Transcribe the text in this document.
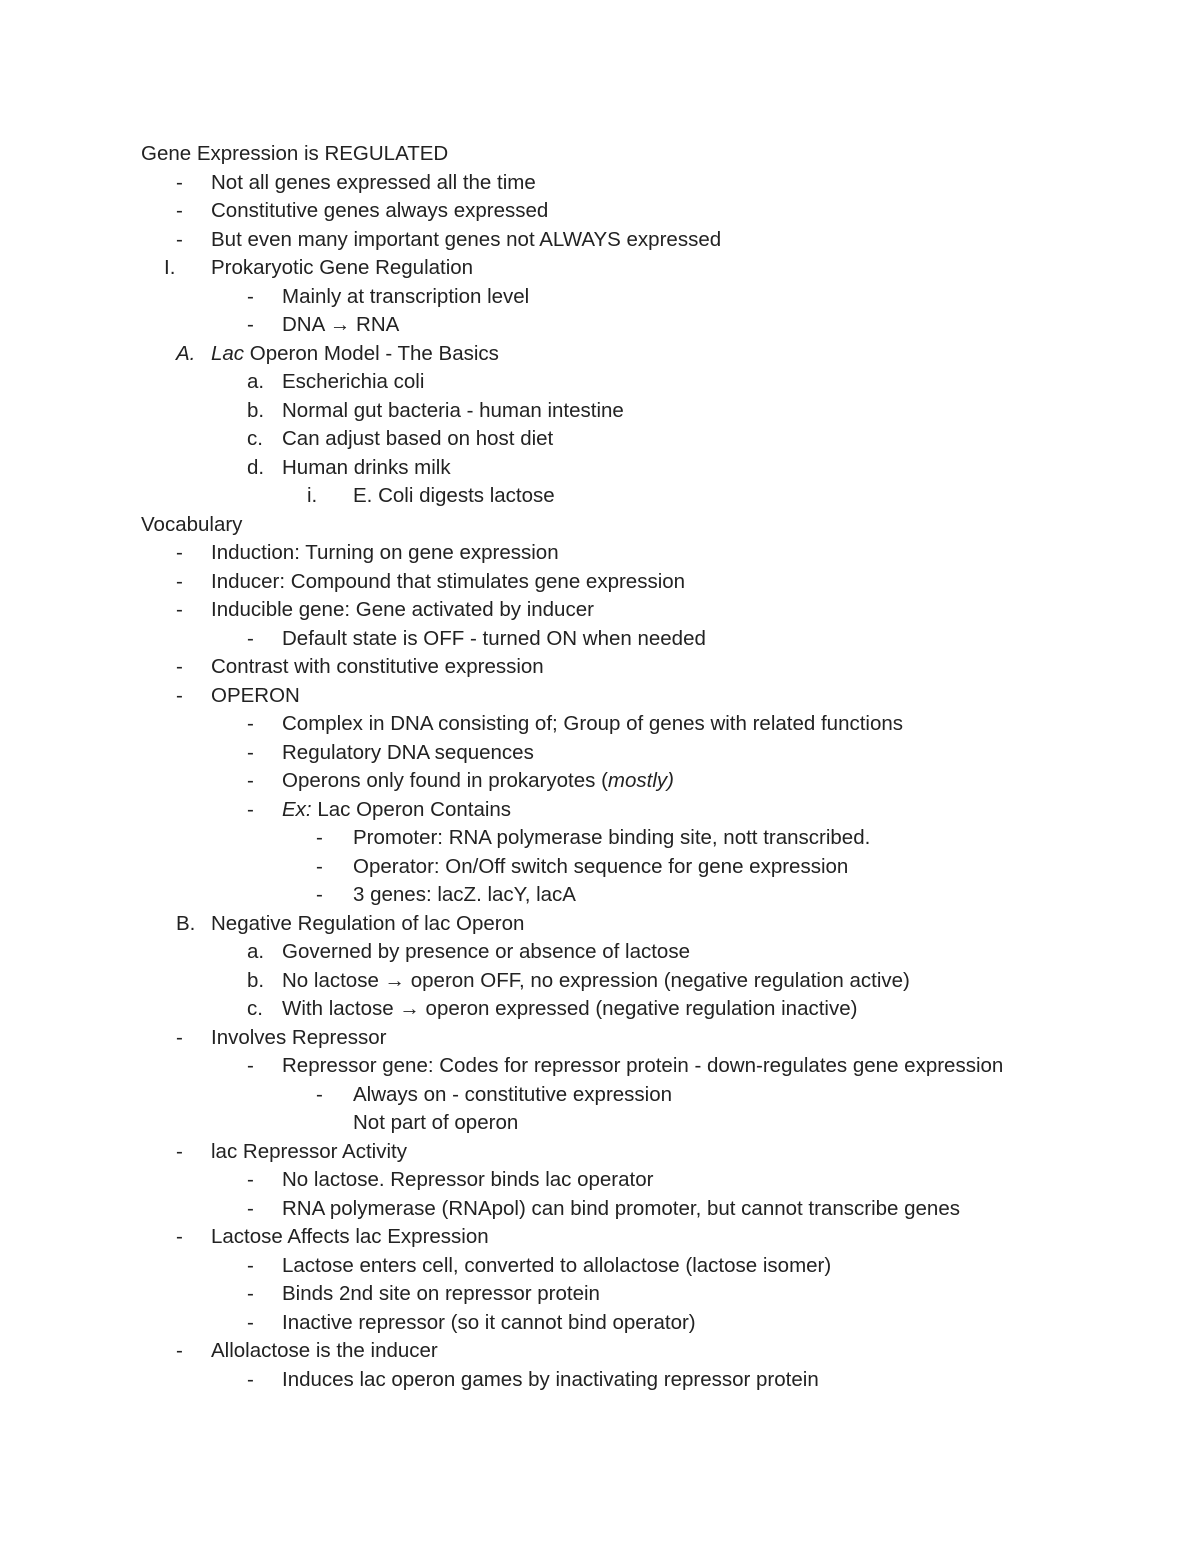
Gene Expression is REGULATED
- Not all genes expressed all the time
- Constitutive genes always expressed
- But even many important genes not ALWAYS expressed
I. Prokaryotic Gene Regulation
- Mainly at transcription level
- DNA → RNA
A. Lac Operon Model - The Basics
a. Escherichia coli
b. Normal gut bacteria - human intestine
c. Can adjust based on host diet
d. Human drinks milk
i. E. Coli digests lactose
Vocabulary
- Induction: Turning on gene expression
- Inducer: Compound that stimulates gene expression
- Inducible gene: Gene activated by inducer
- Default state is OFF - turned ON when needed
- Contrast with constitutive expression
- OPERON
- Complex in DNA consisting of; Group of genes with related functions
- Regulatory DNA sequences
- Operons only found in prokaryotes (mostly)
- Ex: Lac Operon Contains
- Promoter: RNA polymerase binding site, nott transcribed.
- Operator: On/Off switch sequence for gene expression
- 3 genes: lacZ. lacY, lacA
B. Negative Regulation of lac Operon
a. Governed by presence or absence of lactose
b. No lactose → operon OFF, no expression (negative regulation active)
c. With lactose → operon expressed (negative regulation inactive)
- Involves Repressor
- Repressor gene: Codes for repressor protein - down-regulates gene expression
- Always on - constitutive expression
Not part of operon
- lac Repressor Activity
- No lactose. Repressor binds lac operator
- RNA polymerase (RNApol) can bind promoter, but cannot transcribe genes
- Lactose Affects lac Expression
- Lactose enters cell, converted to allolactose (lactose isomer)
- Binds 2nd site on repressor protein
- Inactive repressor (so it cannot bind operator)
- Allolactose is the inducer
- Induces lac operon games by inactivating repressor protein
